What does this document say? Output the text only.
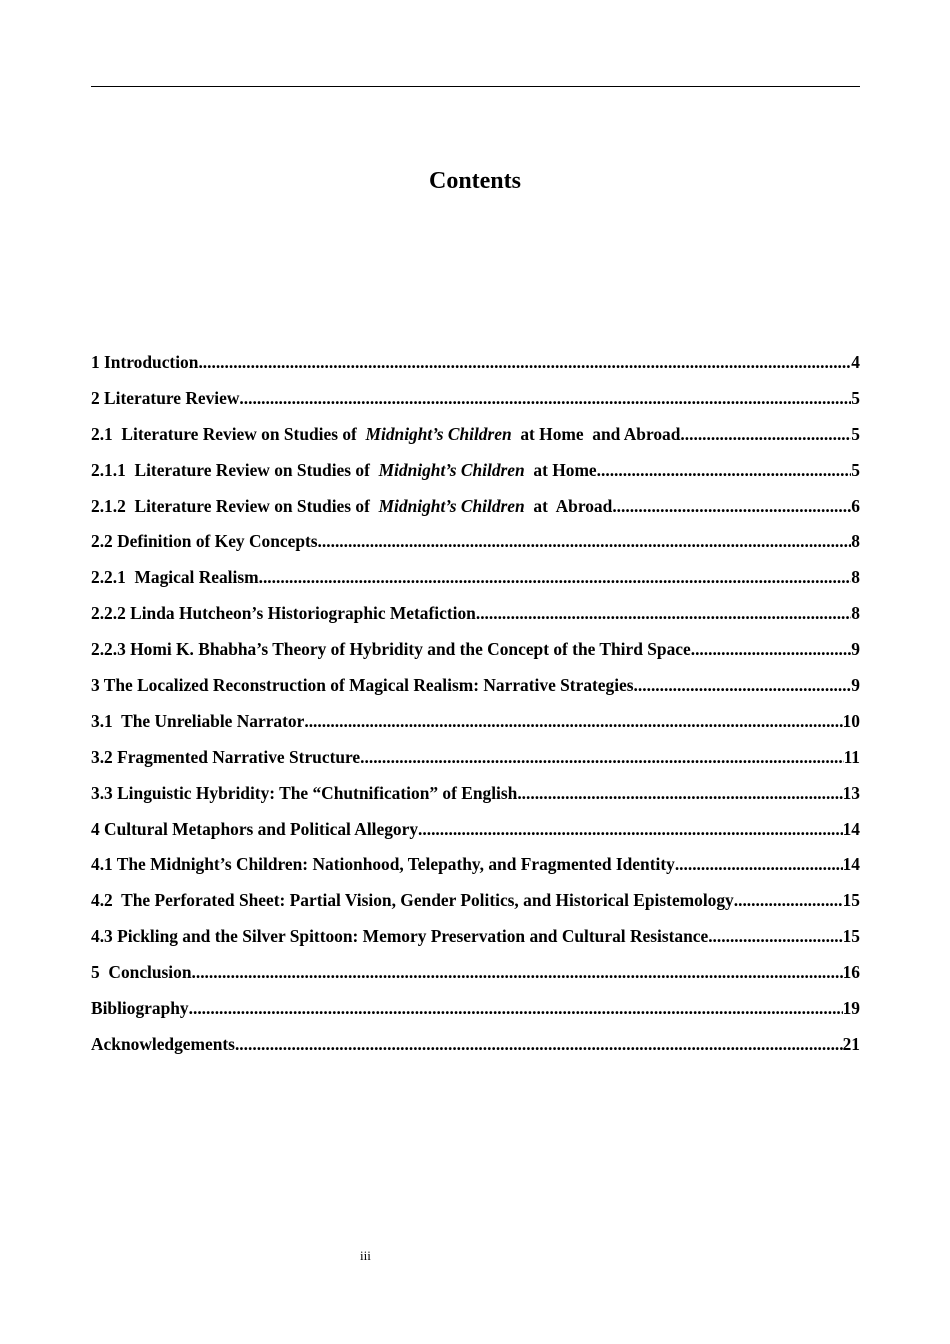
Contents
1 Introduction .....	4
2 Literature Review .....	5
2.1  Literature Review on Studies of  Midnight’s Children  at Home  and Abroad .....	5
2.1.1  Literature Review on Studies of  Midnight’s Children  at Home .....	5
2.1.2  Literature Review on Studies of  Midnight’s Children  at  Abroad .....	6
2.2 Definition of Key Concepts .....	8
2.2.1  Magical Realism .....	8
2.2.2 Linda Hutcheon’s Historiographic Metafiction .....	8
2.2.3 Homi K. Bhabha’s Theory of Hybridity and the Concept of the Third Space .....	9
3 The Localized Reconstruction of Magical Realism: Narrative Strategies .....	9
3.1  The Unreliable Narrator .....	10
3.2 Fragmented Narrative Structure .....	11
3.3 Linguistic Hybridity: The “Chutnification” of English .....	13
4 Cultural Metaphors and Political Allegory .....	14
4.1 The Midnight’s Children: Nationhood, Telepathy, and Fragmented Identity .....	14
4.2  The Perforated Sheet: Partial Vision, Gender Politics, and Historical Epistemology .....	15
4.3 Pickling and the Silver Spittoon: Memory Preservation and Cultural Resistance .....	15
5  Conclusion .....	16
Bibliography .....	19
Acknowledgements .....	21
iii
